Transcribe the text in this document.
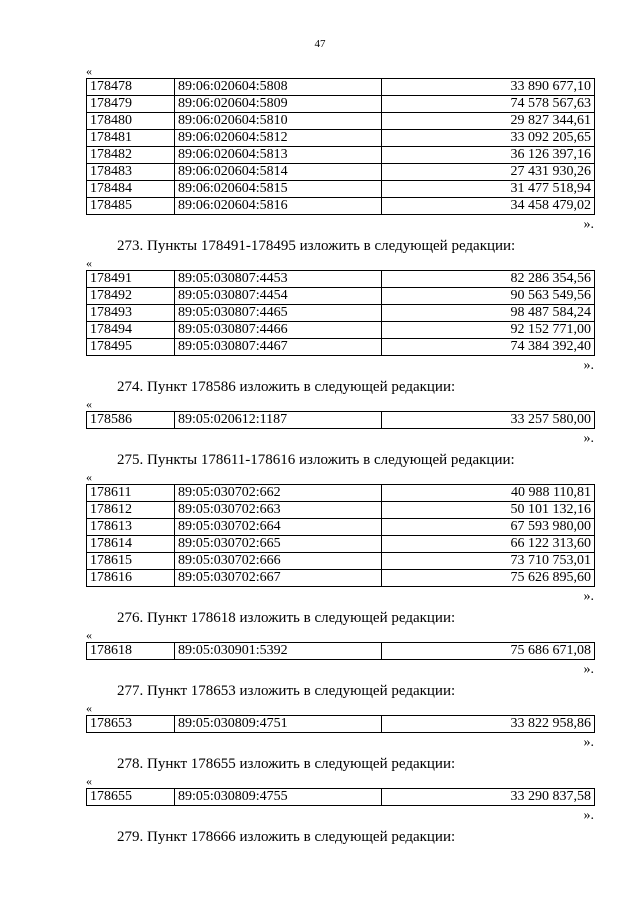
47
«
178478	89:06:020604:5808	33 890 677,10
178479	89:06:020604:5809	74 578 567,63
178480	89:06:020604:5810	29 827 344,61
178481	89:06:020604:5812	33 092 205,65
178482	89:06:020604:5813	36 126 397,16
178483	89:06:020604:5814	27 431 930,26
178484	89:06:020604:5815	31 477 518,94
178485	89:06:020604:5816	34 458 479,02
».
273. Пункты 178491-178495 изложить в следующей редакции:
«
178491	89:05:030807:4453	82 286 354,56
178492	89:05:030807:4454	90 563 549,56
178493	89:05:030807:4465	98 487 584,24
178494	89:05:030807:4466	92 152 771,00
178495	89:05:030807:4467	74 384 392,40
».
274. Пункт 178586 изложить в следующей редакции:
«
178586	89:05:020612:1187	33 257 580,00
».
275. Пункты 178611-178616 изложить в следующей редакции:
«
178611	89:05:030702:662	40 988 110,81
178612	89:05:030702:663	50 101 132,16
178613	89:05:030702:664	67 593 980,00
178614	89:05:030702:665	66 122 313,60
178615	89:05:030702:666	73 710 753,01
178616	89:05:030702:667	75 626 895,60
».
276. Пункт 178618 изложить в следующей редакции:
«
178618	89:05:030901:5392	75 686 671,08
».
277. Пункт 178653 изложить в следующей редакции:
«
178653	89:05:030809:4751	33 822 958,86
».
278. Пункт 178655 изложить в следующей редакции:
«
178655	89:05:030809:4755	33 290 837,58
».
279. Пункт 178666 изложить в следующей редакции:
